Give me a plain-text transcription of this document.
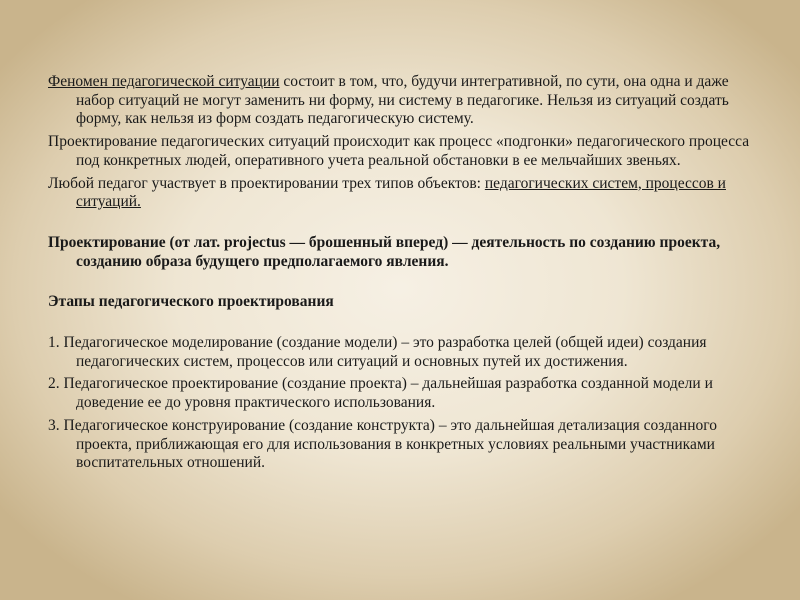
Феномен педагогической ситуации состоит в том, что, будучи интегративной, по сути, она одна и даже набор ситуаций не могут заменить ни форму, ни систему в педагогике. Нельзя из ситуаций создать форму, как нельзя из форм создать педагогическую систему.

Проектирование педагогических ситуаций происходит как процесс «подгонки» педагогического процесса под конкретных людей, оперативного учета реальной обстановки в ее мельчайших звеньях.

Любой педагог участвует в проектировании трех типов объектов: педагогических систем, процессов и ситуаций.

Проектирование (от лат. projectus — брошенный вперед) — деятельность по созданию проекта, созданию образа будущего предполагаемого явления.

Этапы педагогического проектирования

1. Педагогическое моделирование (создание модели) – это разработка целей (общей идеи) создания педагогических систем, процессов или ситуаций и основных путей их достижения.

2. Педагогическое проектирование (создание проекта) – дальнейшая разработка созданной модели и доведение ее до уровня практического использования.

3. Педагогическое конструирование (создание конструкта) – это дальнейшая детализация созданного проекта, приближающая его для использования в конкретных условиях реальными участниками воспитательных отношений.
